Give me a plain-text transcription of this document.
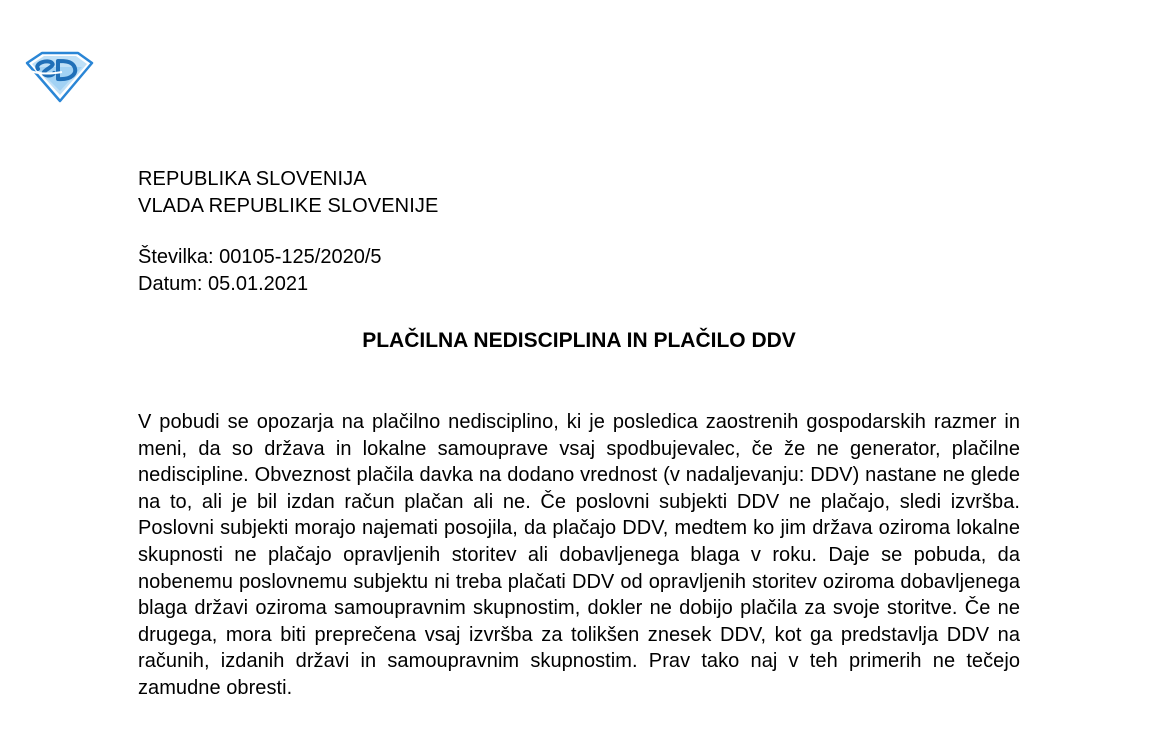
REPUBLIKA SLOVENIJA
VLADA REPUBLIKE SLOVENIJE
Številka: 00105-125/2020/5
Datum: 05.01.2021
PLAČILNA NEDISCIPLINA IN PLAČILO DDV

V pobudi se opozarja na plačilno nedisciplino, ki je posledica zaostrenih gospodarskih razmer in meni, da so država in lokalne samouprave vsaj spodbujevalec, če že ne generator, plačilne nediscipline. Obveznost plačila davka na dodano vrednost (v nadaljevanju: DDV) nastane ne glede na to, ali je bil izdan račun plačan ali ne. Če poslovni subjekti DDV ne plačajo, sledi izvršba. Poslovni subjekti morajo najemati posojila, da plačajo DDV, medtem ko jim država oziroma lokalne skupnosti ne plačajo opravljenih storitev ali dobavljenega blaga v roku. Daje se pobuda, da nobenemu poslovnemu subjektu ni treba plačati DDV od opravljenih storitev oziroma dobavljenega blaga državi oziroma samoupravnim skupnostim, dokler ne dobijo plačila za svoje storitve. Če ne drugega, mora biti preprečena vsaj izvršba za tolikšen znesek DDV, kot ga predstavlja DDV na računih, izdanih državi in samoupravnim skupnostim. Prav tako naj v teh primerih ne tečejo zamudne obresti.
